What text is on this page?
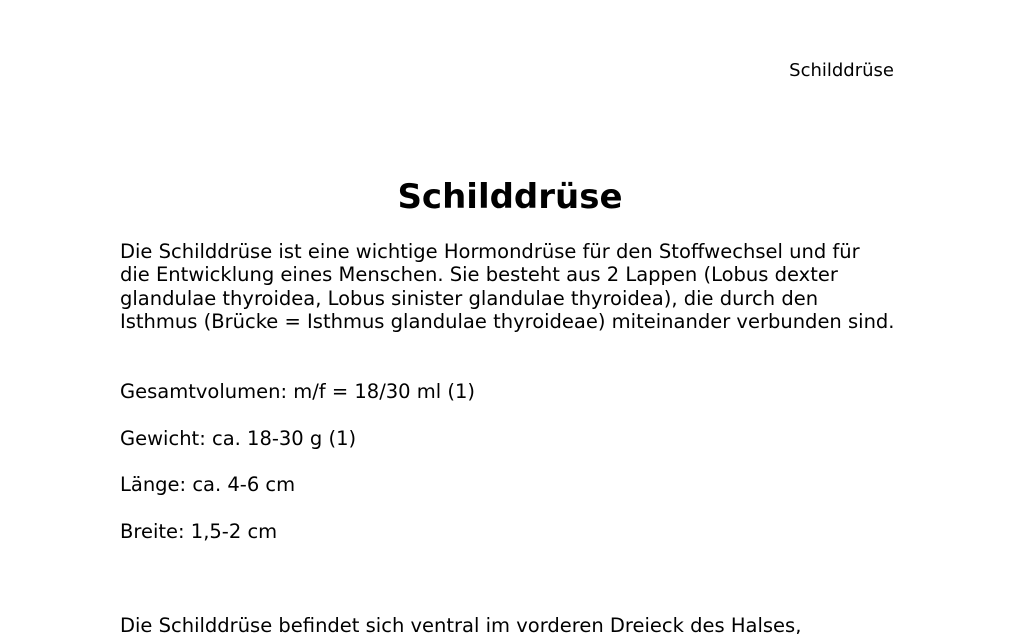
Schilddrüse
Schilddrüse

Die Schilddrüse ist eine wichtige Hormondrüse für den Stoffwechsel und für die Entwicklung eines Menschen. Sie besteht aus 2 Lappen (Lobus dexter glandulae thyroidea, Lobus sinister glandulae thyroidea), die durch den Isthmus (Brücke = Isthmus glandulae thyroideae) miteinander verbunden sind.

Gesamtvolumen: m/f = 18/30 ml (1)

Gewicht: ca. 18-30 g (1)

Länge: ca. 4-6 cm

Breite: 1,5-2 cm

Die Schilddrüse befindet sich ventral im vorderen Dreieck des Halses,
